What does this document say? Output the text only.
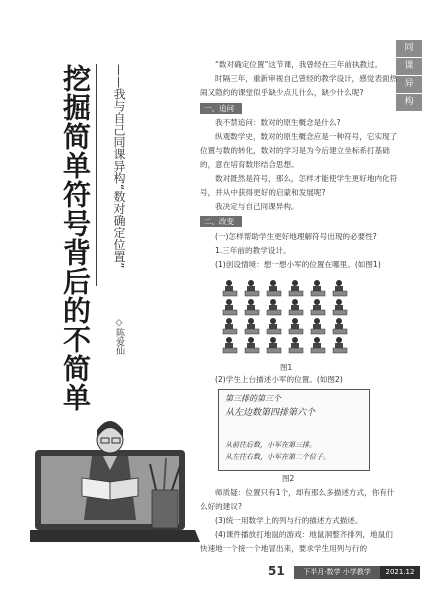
同
课
异
构
挖掘简单符号背后的不简单 ——我与自己同课异构“数对确定位置”
◇陈爱仙
“数对确定位置”这节课，我曾经在三年前执教过。
时隔三年，重新审视自己曾经的教学设计，感觉表面热闹又隐约的课堂似乎缺少点儿什么，缺少什么呢?
一、追问
我不禁追问：数对的原生概念是什么?
纵观数学史，数对的原生概念应是一种符号，它实现了位置与数的转化，数对的学习是为今后建立坐标系打基础的，意在培育数形结合思想。
数对既然是符号，那么，怎样才能使学生更好地内化符号，并从中获得更好的启蒙和发展呢?
我决定与自己同课异构。
二、改变
(一)怎样帮助学生更好地理解符号出现的必要性?
1.三年前的教学设计。
(1)创设情境：想一想小军的位置在哪里。(如图1)
图1
(2)学生上台描述小军的位置。(如图2)
第三排的第三个
从左边数第四排第六个
从前往后数，小军在第三排。
从左往右数，小军在第二个位子。
图2
师质疑：位置只有1个，却有那么多描述方式，你有什么好的建议?
(3)统一用数学上的列与行的描述方式描述。
(4)课件播放打地鼠的游戏：地鼠洞整齐排列，地鼠们快速地一个接一个地冒出来，要求学生用列与行的
51	下半月·数学 小学教学	2021.12
